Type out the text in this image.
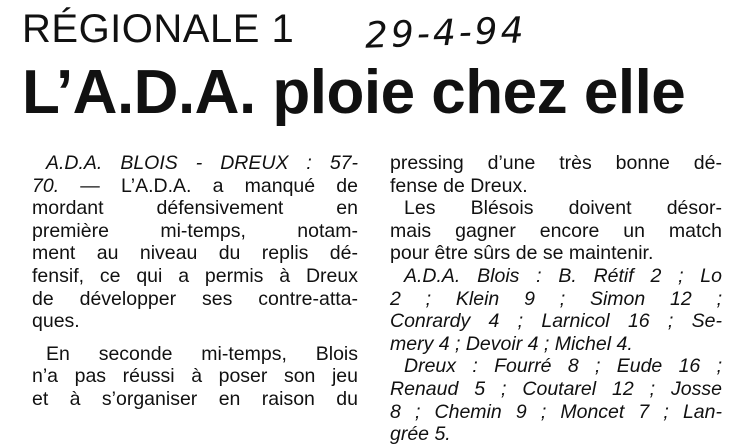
RÉGIONALE 1 29-4-94
L’A.D.A. ploie chez elle
A.D.A. BLOIS - DREUX : 57-
70. — L’A.D.A. a manqué de
mordant défensivement en
première mi-temps, notam-
ment au niveau du replis dé-
fensif, ce qui a permis à Dreux
de développer ses contre-atta-
ques.
En seconde mi-temps, Blois
n’a pas réussi à poser son jeu
et à s’organiser en raison du
pressing d’une très bonne dé-
fense de Dreux.
Les Blésois doivent désor-
mais gagner encore un match
pour être sûrs de se maintenir.
A.D.A. Blois : B. Rétif 2 ; Lo
2 ; Klein 9 ; Simon 12 ;
Conrardy 4 ; Larnicol 16 ; Se-
mery 4 ; Devoir 4 ; Michel 4.
Dreux : Fourré 8 ; Eude 16 ;
Renaud 5 ; Coutarel 12 ; Josse
8 ; Chemin 9 ; Moncet 7 ; Lan-
grée 5.
